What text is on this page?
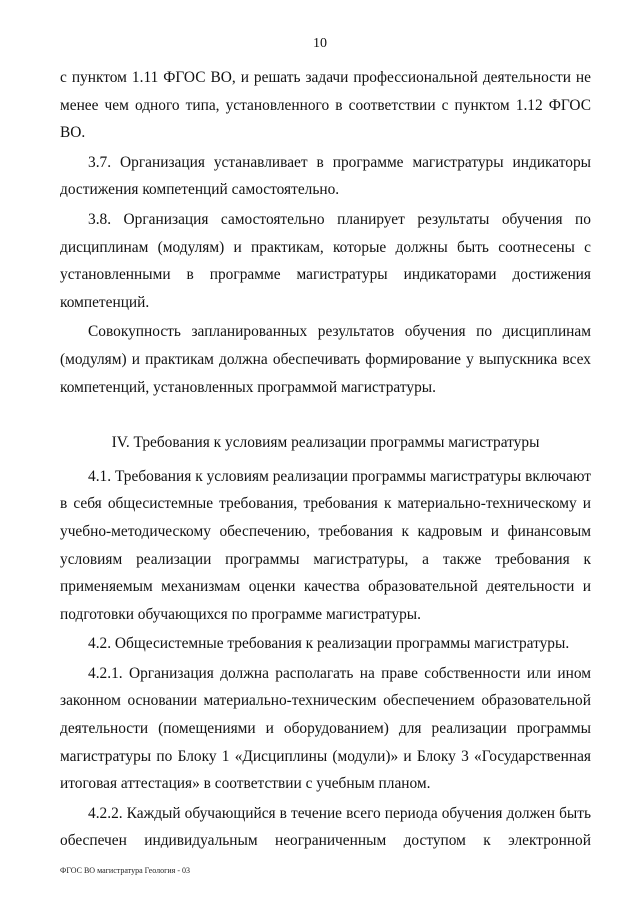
10

с пунктом 1.11 ФГОС ВО, и решать задачи профессиональной деятельности не менее чем одного типа, установленного в соответствии с пунктом 1.12 ФГОС ВО.

3.7. Организация устанавливает в программе магистратуры индикаторы достижения компетенций самостоятельно.

3.8. Организация самостоятельно планирует результаты обучения по дисциплинам (модулям) и практикам, которые должны быть соотнесены с установленными в программе магистратуры индикаторами достижения компетенций.

Совокупность запланированных результатов обучения по дисциплинам (модулям) и практикам должна обеспечивать формирование у выпускника всех компетенций, установленных программой магистратуры.

IV. Требования к условиям реализации программы магистратуры

4.1. Требования к условиям реализации программы магистратуры включают в себя общесистемные требования, требования к материально-техническому и учебно-методическому обеспечению, требования к кадровым и финансовым условиям реализации программы магистратуры, а также требования к применяемым механизмам оценки качества образовательной деятельности и подготовки обучающихся по программе магистратуры.

4.2. Общесистемные требования к реализации программы магистратуры.

4.2.1. Организация должна располагать на праве собственности или ином законном основании материально-техническим обеспечением образовательной деятельности (помещениями и оборудованием) для реализации программы магистратуры по Блоку 1 «Дисциплины (модули)» и Блоку 3 «Государственная итоговая аттестация» в соответствии с учебным планом.

4.2.2. Каждый обучающийся в течение всего периода обучения должен быть обеспечен индивидуальным неограниченным доступом к электронной

ФГОС ВО магистратура Геология - 03
